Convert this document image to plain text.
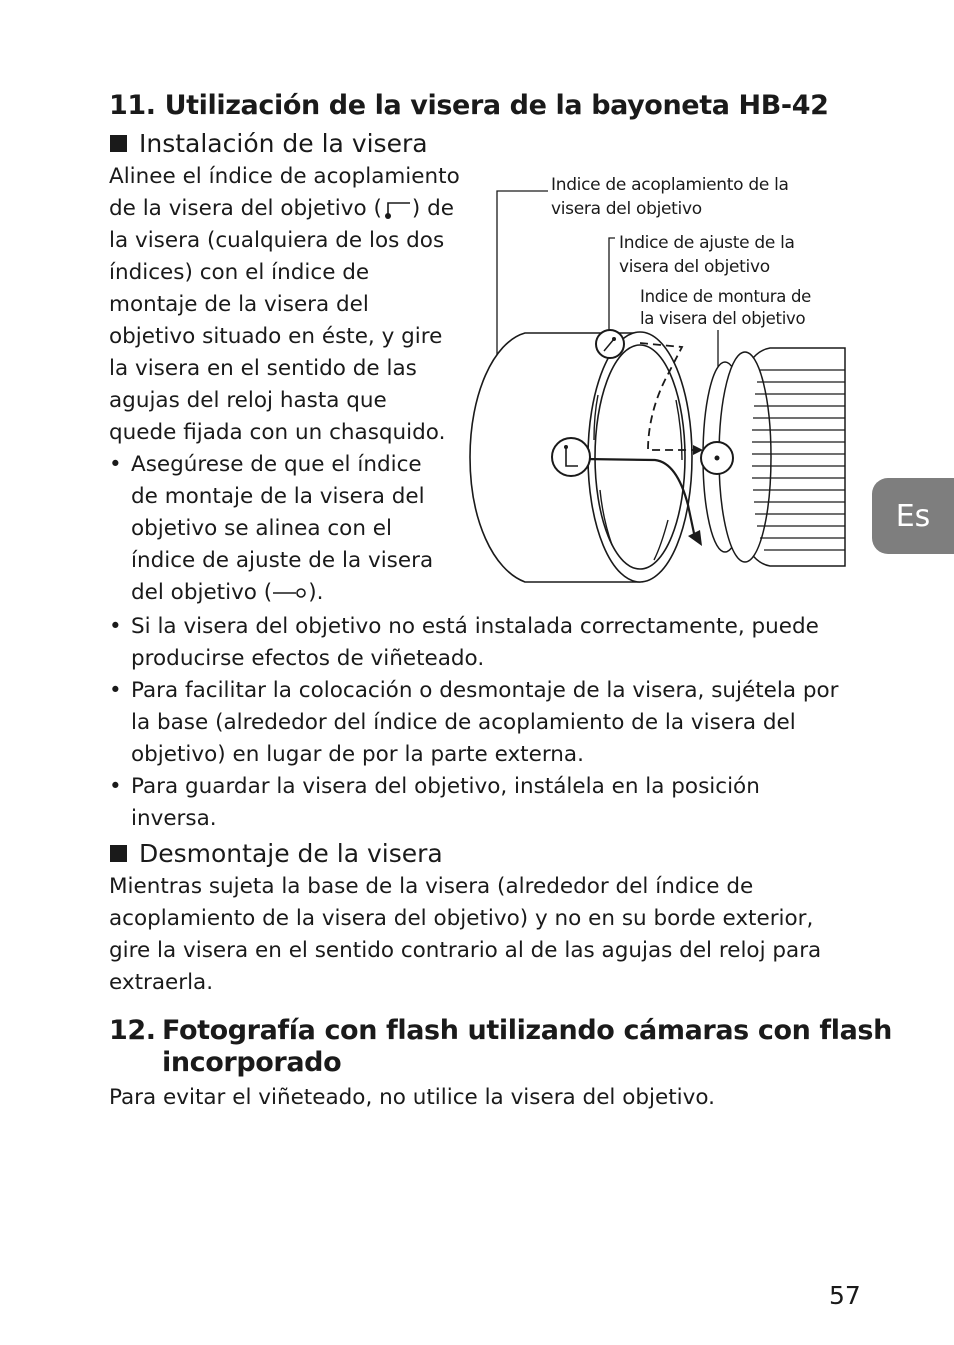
11. Utilización de la visera de la bayoneta HB-42
Instalación de la visera
Alinee el índice de acoplamiento
de la visera del objetivo ( ) de
la visera (cualquiera de los dos
índices) con el índice de
montaje de la visera del
objetivo situado en éste, y gire
la visera en el sentido de las
agujas del reloj hasta que
quede fijada con un chasquido.
• Asegúrese de que el índice
de montaje de la visera del
objetivo se alinea con el
índice de ajuste de la visera
del objetivo ( ).
• Si la visera del objetivo no está instalada correctamente, puede
producirse efectos de viñeteado.
• Para facilitar la colocación o desmontaje de la visera, sujétela por
la base (alrededor del índice de acoplamiento de la visera del
objetivo) en lugar de por la parte externa.
• Para guardar la visera del objetivo, instálela en la posición
inversa.
Desmontaje de la visera
Mientras sujeta la base de la visera (alrededor del índice de
acoplamiento de la visera del objetivo) y no en su borde exterior,
gire la visera en el sentido contrario al de las agujas del reloj para
extraerla.
12. Fotografía con flash utilizando cámaras con flash
incorporado
Para evitar el viñeteado, no utilice la visera del objetivo.
Es
57
Indice de acoplamiento de la
visera del objetivo
Indice de ajuste de la
visera del objetivo
Indice de montura de
la visera del objetivo
